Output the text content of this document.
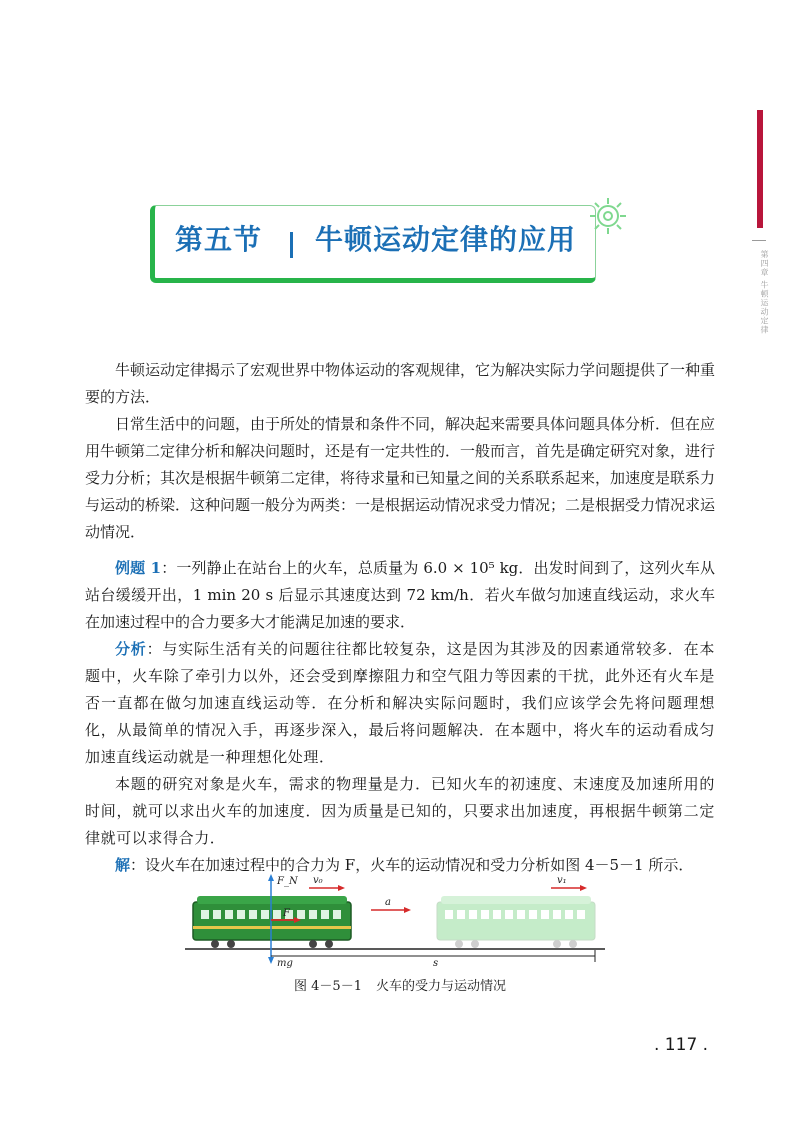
第四章 牛顿运动定律
第五节 牛顿运动定律的应用

牛顿运动定律揭示了宏观世界中物体运动的客观规律，它为解决实际力学问题提供了一种重要的方法．

日常生活中的问题，由于所处的情景和条件不同，解决起来需要具体问题具体分析．但在应用牛顿第二定律分析和解决问题时，还是有一定共性的．一般而言，首先是确定研究对象，进行受力分析；其次是根据牛顿第二定律，将待求量和已知量之间的关系联系起来，加速度是联系力与运动的桥梁．这种问题一般分为两类：一是根据运动情况求受力情况；二是根据受力情况求运动情况．

例题 1：一列静止在站台上的火车，总质量为 6.0 × 10⁵ kg．出发时间到了，这列火车从站台缓缓开出，1 min 20 s 后显示其速度达到 72 km/h．若火车做匀加速直线运动，求火车在加速过程中的合力要多大才能满足加速的要求．

分析：与实际生活有关的问题往往都比较复杂，这是因为其涉及的因素通常较多．在本题中，火车除了牵引力以外，还会受到摩擦阻力和空气阻力等因素的干扰，此外还有火车是否一直都在做匀加速直线运动等．在分析和解决实际问题时，我们应该学会先将问题理想化，从最简单的情况入手，再逐步深入，最后将问题解决．在本题中，将火车的运动看成匀加速直线运动就是一种理想化处理．

本题的研究对象是火车，需求的物理量是力．已知火车的初速度、末速度及加速所用的时间，就可以求出火车的加速度．因为质量是已知的，只要求出加速度，再根据牛顿第二定律就可以求得合力．

解：设火车在加速过程中的合力为 F，火车的运动情况和受力分析如图 4－5－1 所示．

F_N v₀
F
a
v₁
mg	s
图 4－5－1 火车的受力与运动情况
. 117 .
